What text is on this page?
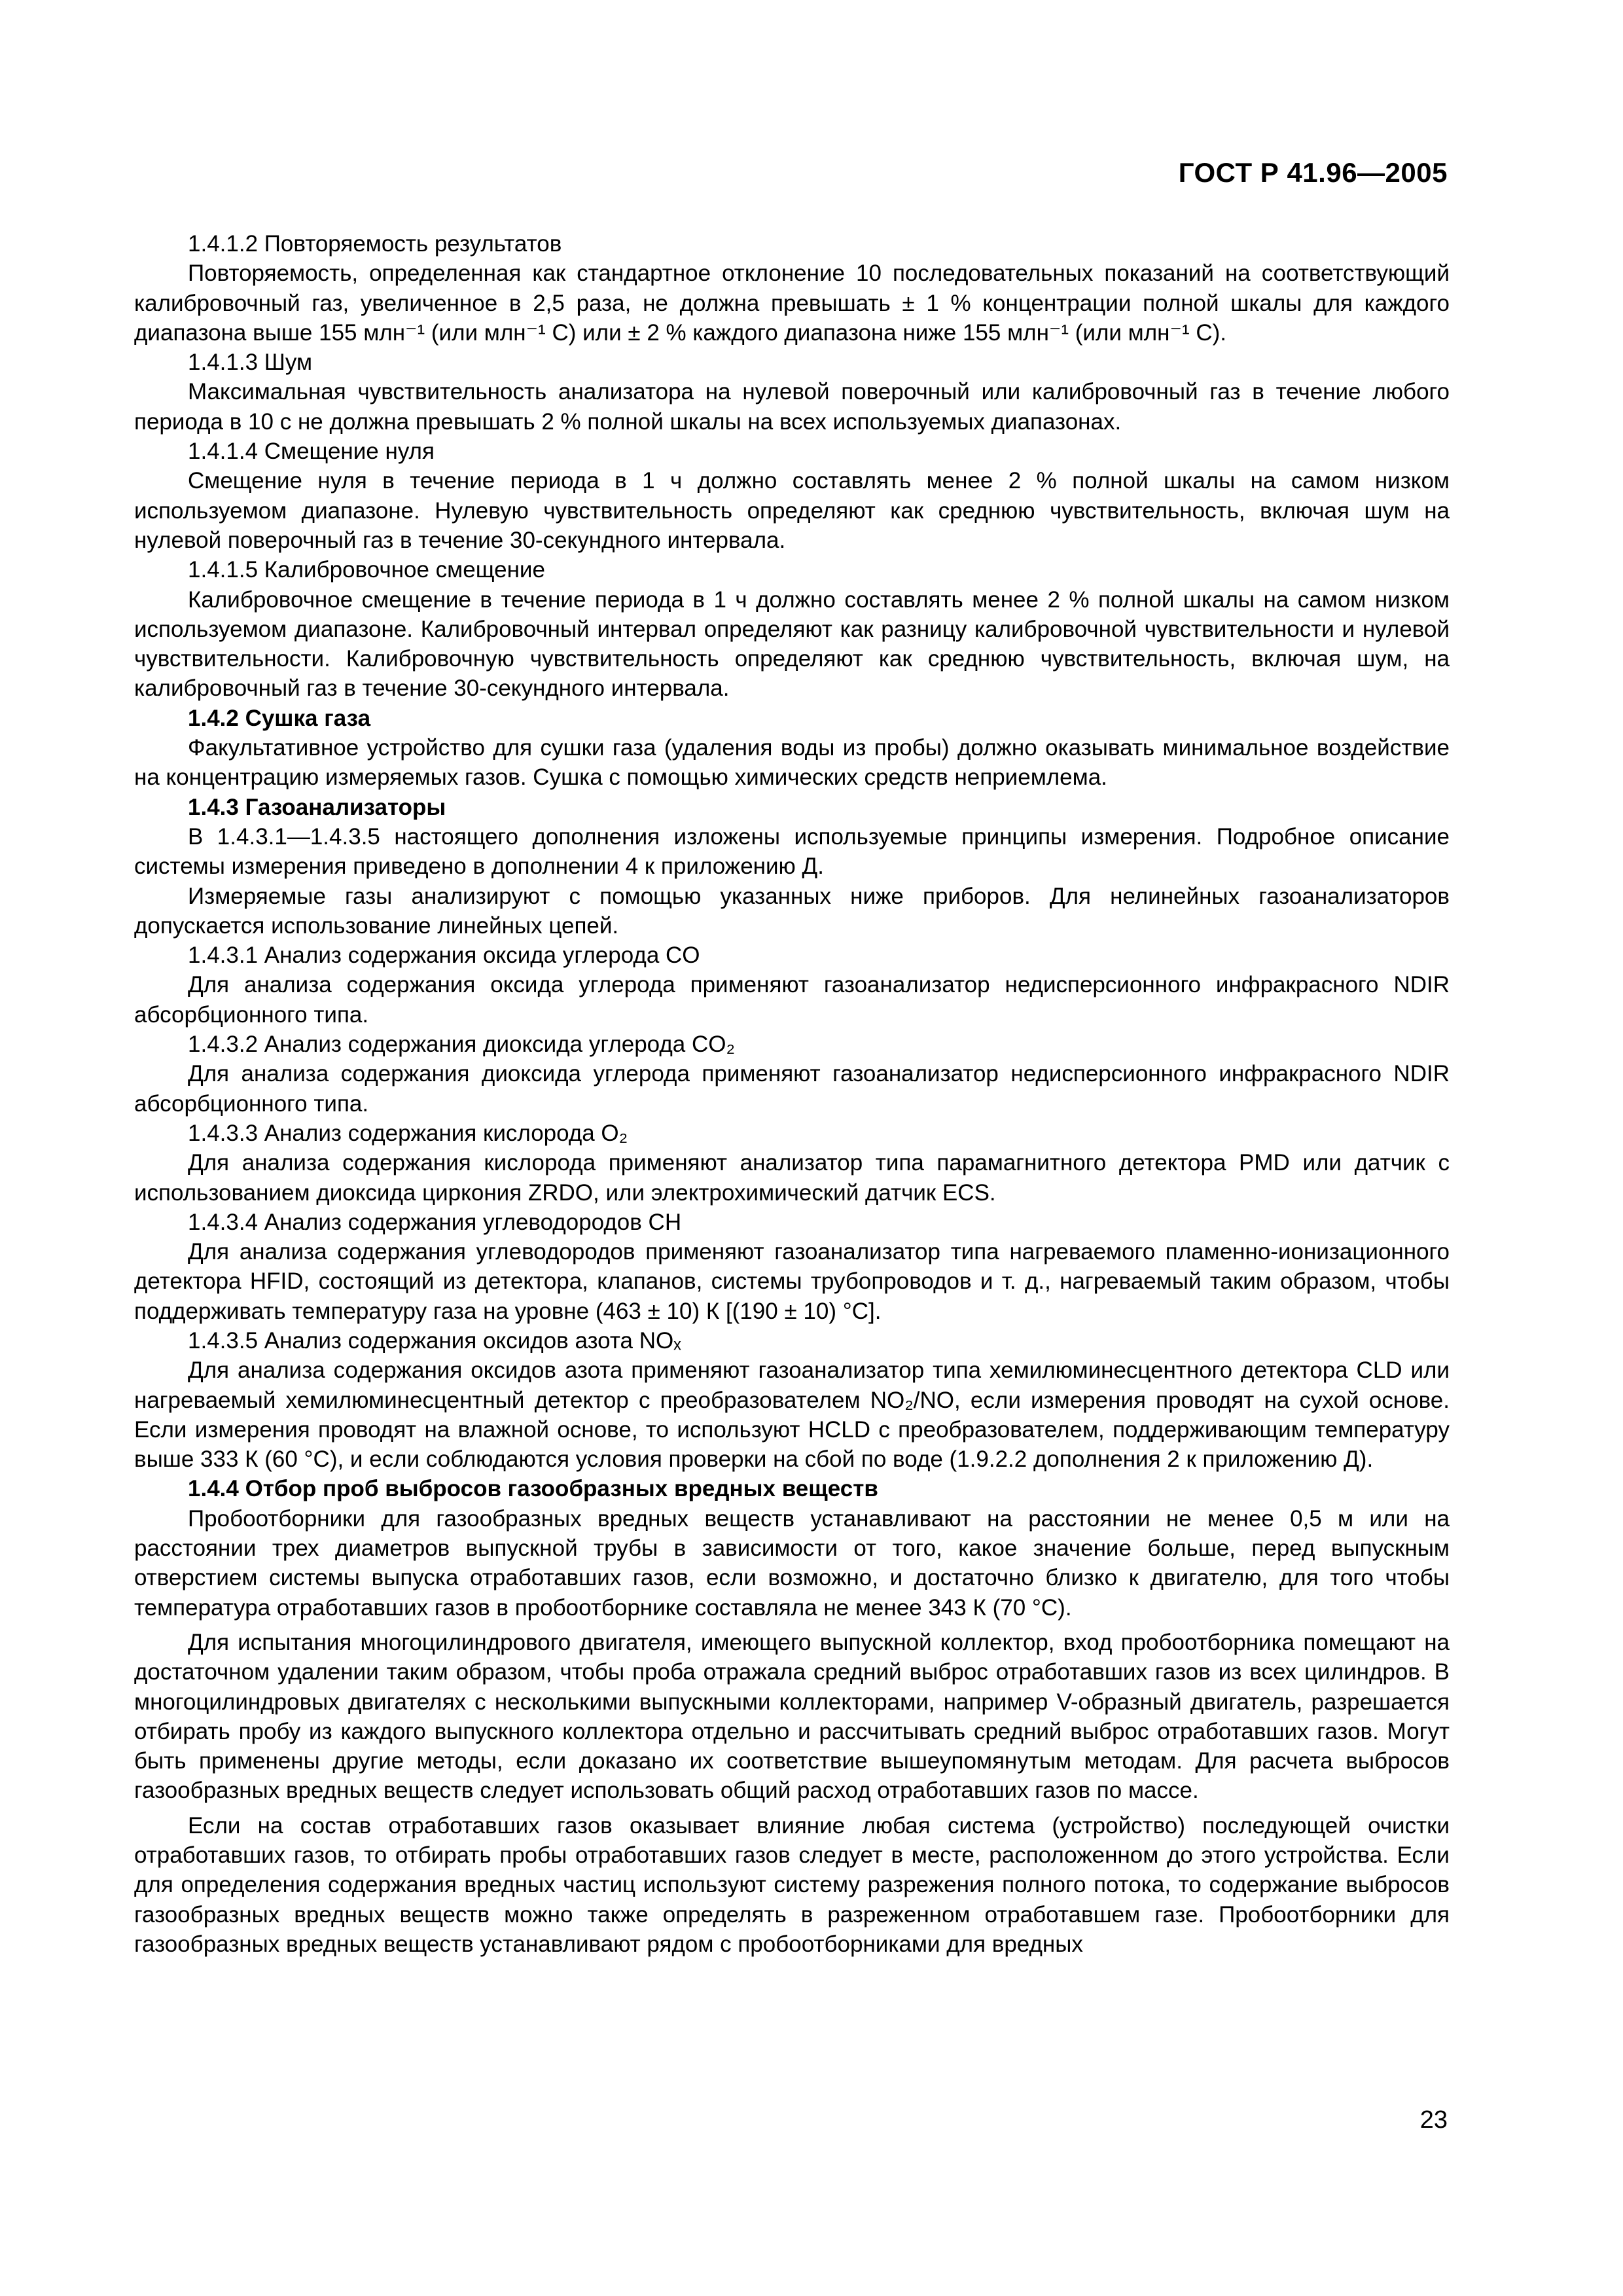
ГОСТ Р 41.96—2005

1.4.1.2 Повторяемость результатов

Повторяемость, определенная как стандартное отклонение 10 последовательных показаний на соответствующий калибровочный газ, увеличенное в 2,5 раза, не должна превышать ± 1 % концентрации полной шкалы для каждого диапазона выше 155 млн⁻¹ (или млн⁻¹ С) или ± 2 % каждого диапазона ниже 155 млн⁻¹ (или млн⁻¹ С).

1.4.1.3 Шум

Максимальная чувствительность анализатора на нулевой поверочный или калибровочный газ в течение любого периода в 10 с не должна превышать 2 % полной шкалы на всех используемых диапазонах.

1.4.1.4 Смещение нуля

Смещение нуля в течение периода в 1 ч должно составлять менее 2 % полной шкалы на самом низком используемом диапазоне. Нулевую чувствительность определяют как среднюю чувствительность, включая шум на нулевой поверочный газ в течение 30-секундного интервала.

1.4.1.5 Калибровочное смещение

Калибровочное смещение в течение периода в 1 ч должно составлять менее 2 % полной шкалы на самом низком используемом диапазоне. Калибровочный интервал определяют как разницу калибровочной чувствительности и нулевой чувствительности. Калибровочную чувствительность определяют как среднюю чувствительность, включая шум, на калибровочный газ в течение 30-секундного интервала.

1.4.2 Сушка газа

Факультативное устройство для сушки газа (удаления воды из пробы) должно оказывать минимальное воздействие на концентрацию измеряемых газов. Сушка с помощью химических средств неприемлема.

1.4.3 Газоанализаторы

В 1.4.3.1—1.4.3.5 настоящего дополнения изложены используемые принципы измерения. Подробное описание системы измерения приведено в дополнении 4 к приложению Д.

Измеряемые газы анализируют с помощью указанных ниже приборов. Для нелинейных газоанализаторов допускается использование линейных цепей.

1.4.3.1 Анализ содержания оксида углерода CO

Для анализа содержания оксида углерода применяют газоанализатор недисперсионного инфракрасного NDIR абсорбционного типа.

1.4.3.2 Анализ содержания диоксида углерода CO₂

Для анализа содержания диоксида углерода применяют газоанализатор недисперсионного инфракрасного NDIR абсорбционного типа.

1.4.3.3 Анализ содержания кислорода O₂

Для анализа содержания кислорода применяют анализатор типа парамагнитного детектора PMD или датчик с использованием диоксида циркония ZRDO, или электрохимический датчик ECS.

1.4.3.4 Анализ содержания углеводородов CH

Для анализа содержания углеводородов применяют газоанализатор типа нагреваемого пламенно-ионизационного детектора HFID, состоящий из детектора, клапанов, системы трубопроводов и т. д., нагреваемый таким образом, чтобы поддерживать температуру газа на уровне (463 ± 10) К [(190 ± 10) °C].

1.4.3.5 Анализ содержания оксидов азота NOₓ

Для анализа содержания оксидов азота применяют газоанализатор типа хемилюминесцентного детектора CLD или нагреваемый хемилюминесцентный детектор с преобразователем NO₂/NO, если измерения проводят на сухой основе. Если измерения проводят на влажной основе, то используют HCLD с преобразователем, поддерживающим температуру выше 333 К (60 °C), и если соблюдаются условия проверки на сбой по воде (1.9.2.2 дополнения 2 к приложению Д).

1.4.4 Отбор проб выбросов газообразных вредных веществ

Пробоотборники для газообразных вредных веществ устанавливают на расстоянии не менее 0,5 м или на расстоянии трех диаметров выпускной трубы в зависимости от того, какое значение больше, перед выпускным отверстием системы выпуска отработавших газов, если возможно, и достаточно близко к двигателю, для того чтобы температура отработавших газов в пробоотборнике составляла не менее 343 К (70 °C).

Для испытания многоцилиндрового двигателя, имеющего выпускной коллектор, вход пробоотборника помещают на достаточном удалении таким образом, чтобы проба отражала средний выброс отработавших газов из всех цилиндров. В многоцилиндровых двигателях с несколькими выпускными коллекторами, например V-образный двигатель, разрешается отбирать пробу из каждого выпускного коллектора отдельно и рассчитывать средний выброс отработавших газов. Могут быть применены другие методы, если доказано их соответствие вышеупомянутым методам. Для расчета выбросов газообразных вредных веществ следует использовать общий расход отработавших газов по массе.

Если на состав отработавших газов оказывает влияние любая система (устройство) последующей очистки отработавших газов, то отбирать пробы отработавших газов следует в месте, расположенном до этого устройства. Если для определения содержания вредных частиц используют систему разрежения полного потока, то содержание выбросов газообразных вредных веществ можно также определять в разреженном отработавшем газе. Пробоотборники для газообразных вредных веществ устанавливают рядом с пробоотборниками для вредных

23
